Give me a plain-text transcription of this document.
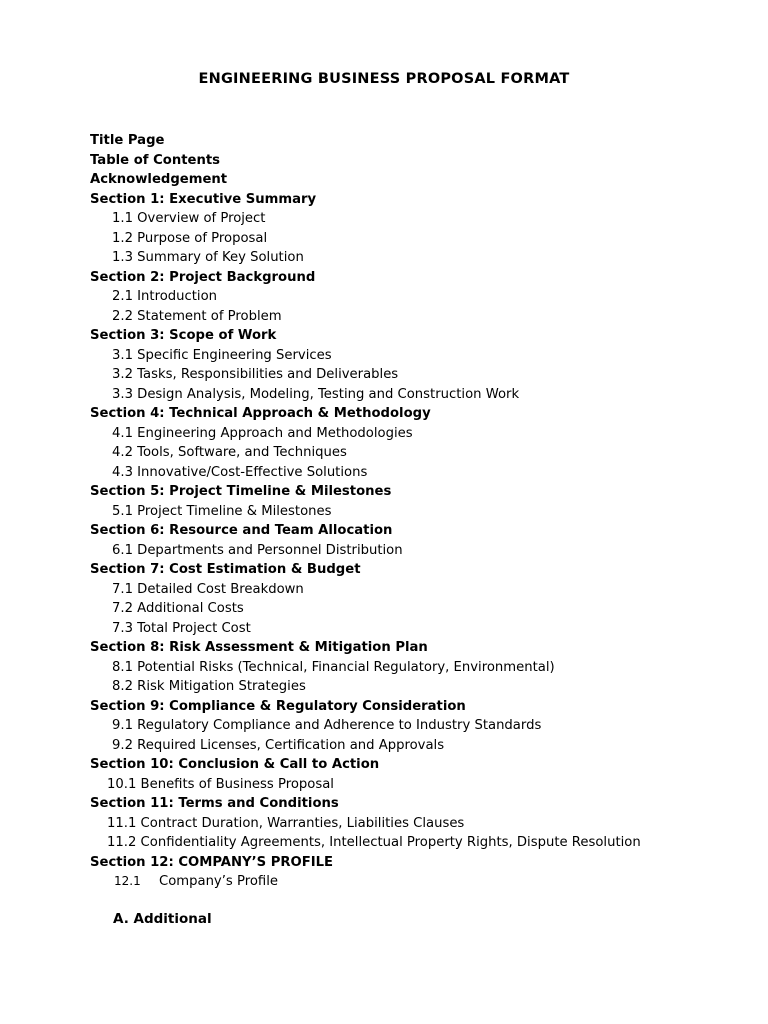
ENGINEERING BUSINESS PROPOSAL FORMAT
Title Page
Table of Contents
Acknowledgement
Section 1: Executive Summary
1.1 Overview of Project
1.2 Purpose of Proposal
1.3 Summary of Key Solution
Section 2: Project Background
2.1 Introduction
2.2 Statement of Problem
Section 3: Scope of Work
3.1 Specific Engineering Services
3.2 Tasks, Responsibilities and Deliverables
3.3 Design Analysis, Modeling, Testing and Construction Work
Section 4: Technical Approach & Methodology
4.1 Engineering Approach and Methodologies
4.2 Tools, Software, and Techniques
4.3 Innovative/Cost-Effective Solutions
Section 5: Project Timeline & Milestones
5.1 Project Timeline & Milestones
Section 6: Resource and Team Allocation
6.1 Departments and Personnel Distribution
Section 7: Cost Estimation & Budget
7.1 Detailed Cost Breakdown
7.2 Additional Costs
7.3 Total Project Cost
Section 8: Risk Assessment & Mitigation Plan
8.1 Potential Risks (Technical, Financial Regulatory, Environmental)
8.2 Risk Mitigation Strategies
Section 9: Compliance & Regulatory Consideration
9.1 Regulatory Compliance and Adherence to Industry Standards
9.2 Required Licenses, Certification and Approvals
Section 10: Conclusion & Call to Action
10.1 Benefits of Business Proposal
Section 11: Terms and Conditions
11.1 Contract Duration, Warranties, Liabilities Clauses
11.2 Confidentiality Agreements, Intellectual Property Rights, Dispute Resolution
Section 12: COMPANY’S PROFILE
12.1 Company’s Profile

A. Additional
